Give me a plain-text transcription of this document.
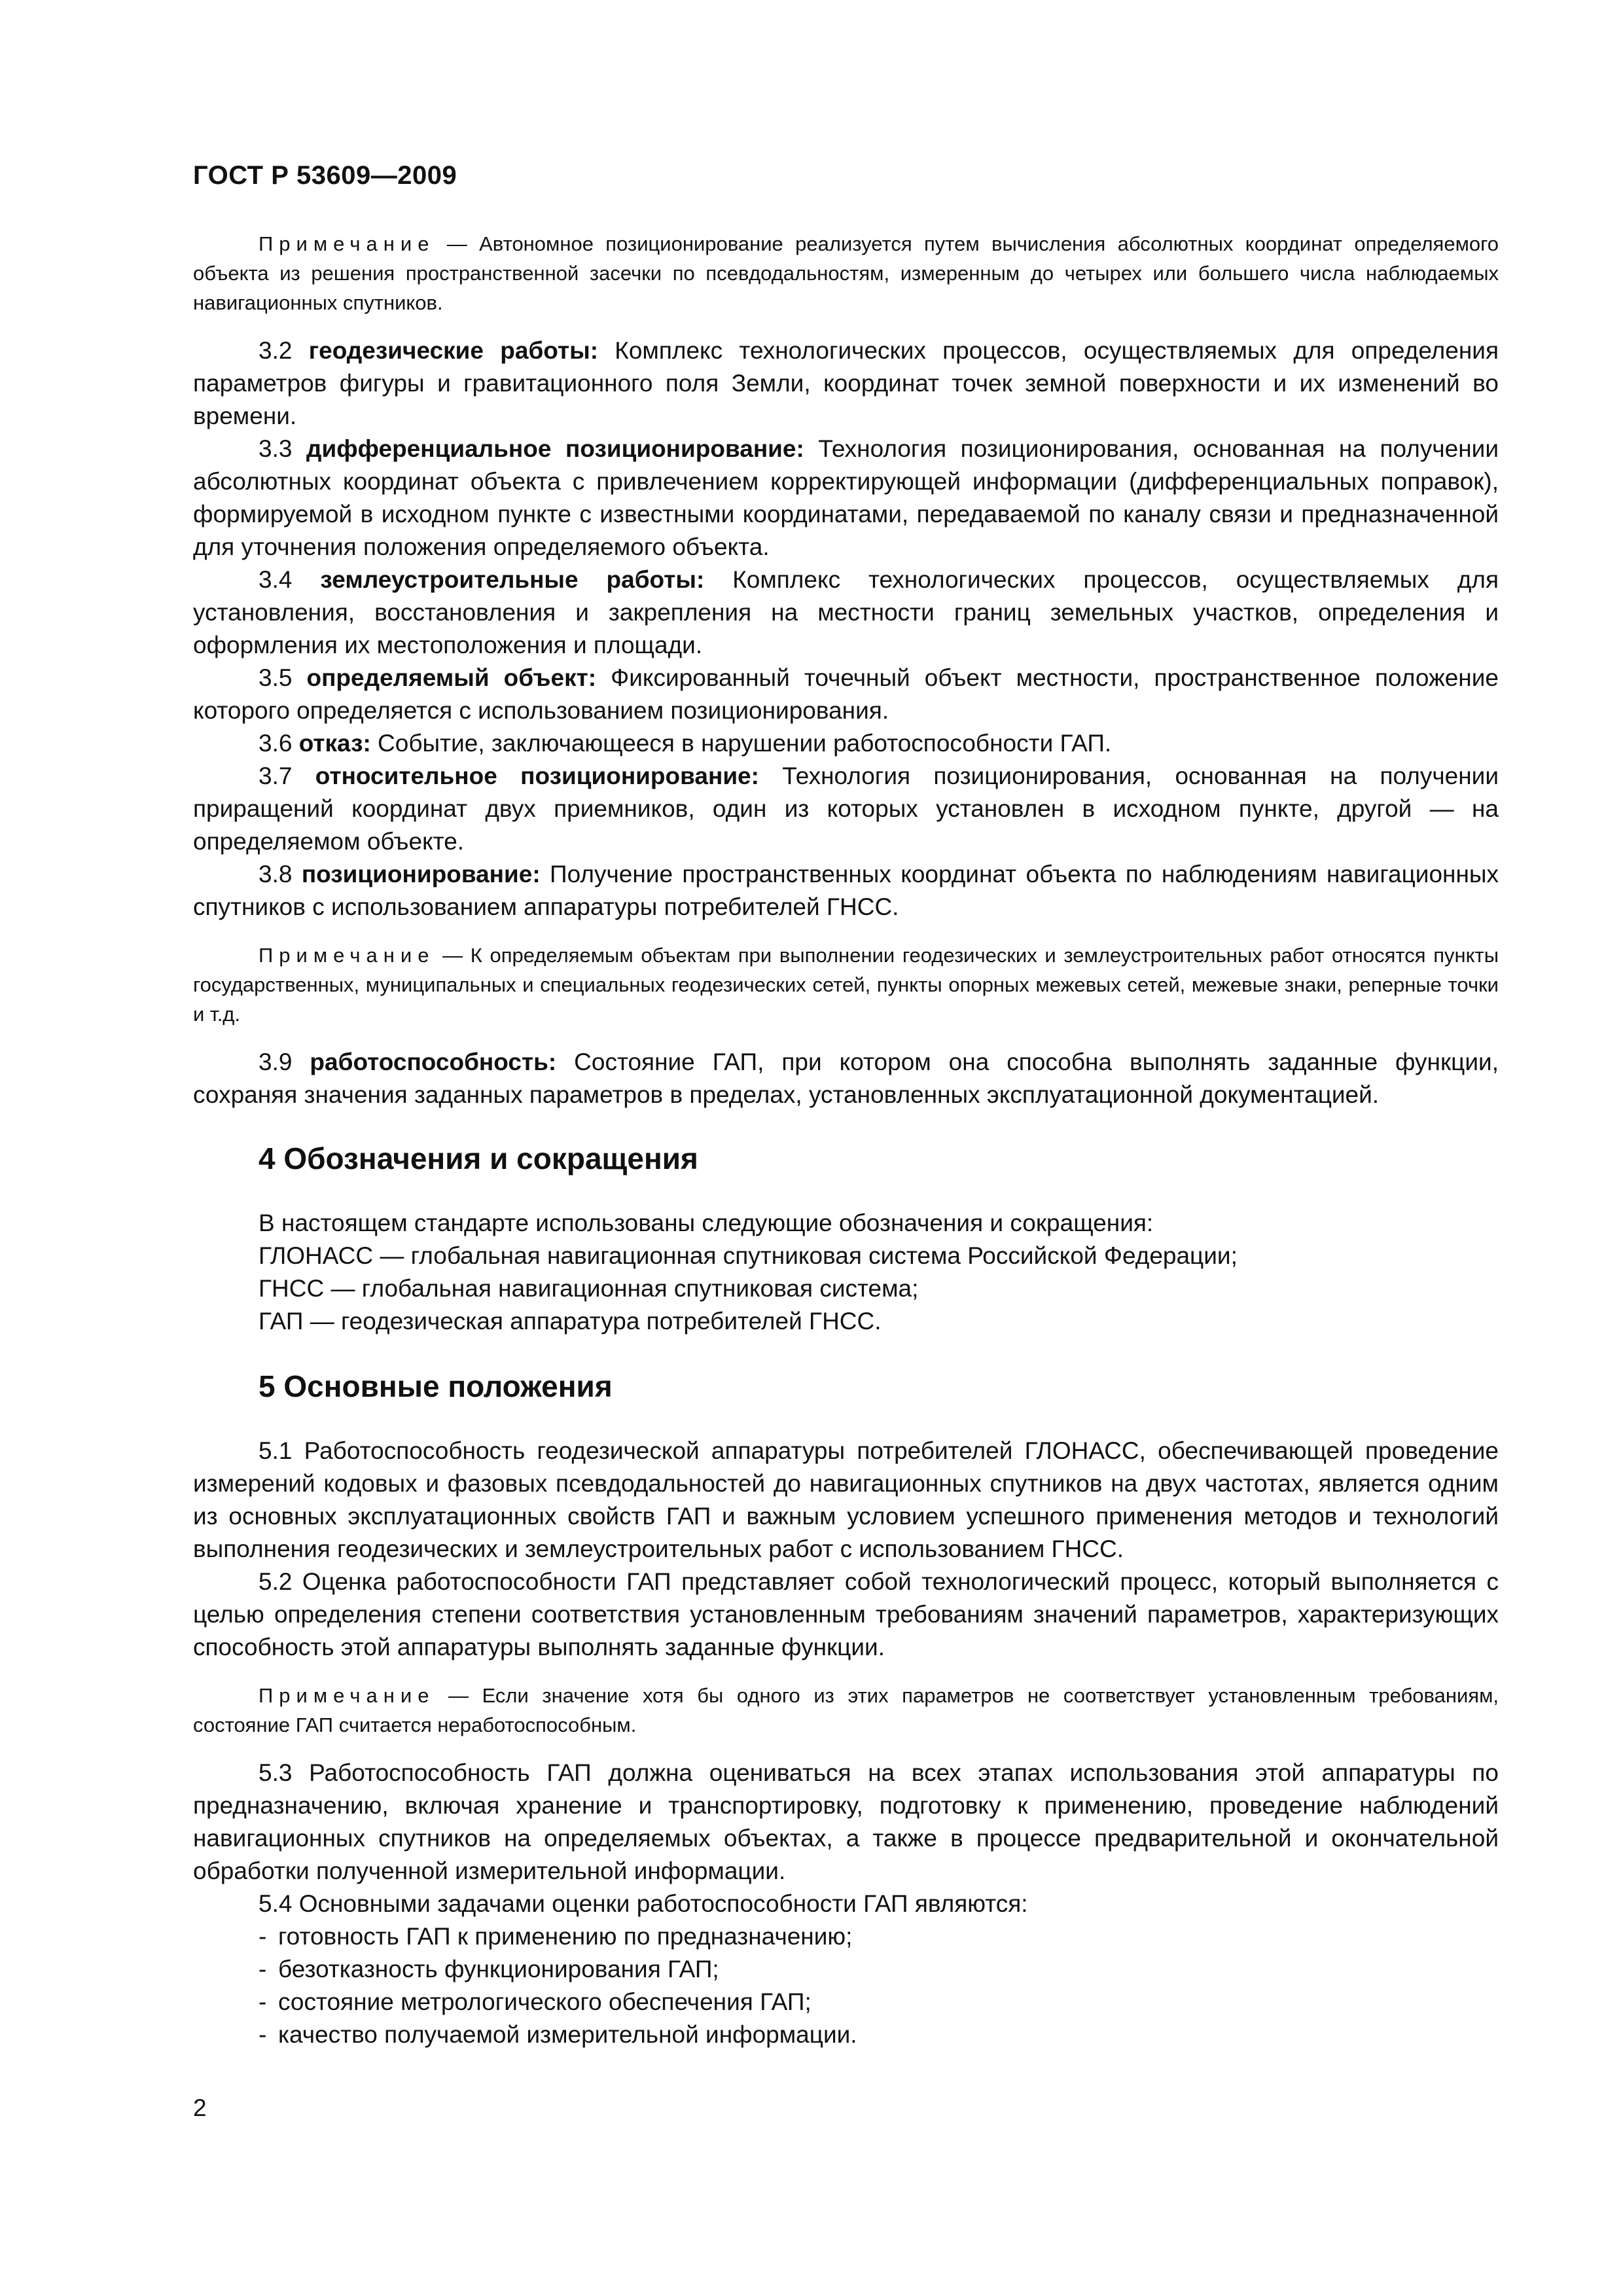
ГОСТ Р 53609—2009

Примечание — Автономное позиционирование реализуется путем вычисления абсолютных координат определяемого объекта из решения пространственной засечки по псевдодальностям, измеренным до четырех или большего числа наблюдаемых навигационных спутников.

3.2 геодезические работы: Комплекс технологических процессов, осуществляемых для определения параметров фигуры и гравитационного поля Земли, координат точек земной поверхности и их изменений во времени.

3.3 дифференциальное позиционирование: Технология позиционирования, основанная на получении абсолютных координат объекта с привлечением корректирующей информации (дифференциальных поправок), формируемой в исходном пункте с известными координатами, передаваемой по каналу связи и предназначенной для уточнения положения определяемого объекта.

3.4 землеустроительные работы: Комплекс технологических процессов, осуществляемых для установления, восстановления и закрепления на местности границ земельных участков, определения и оформления их местоположения и площади.

3.5 определяемый объект: Фиксированный точечный объект местности, пространственное положение которого определяется с использованием позиционирования.

3.6 отказ: Событие, заключающееся в нарушении работоспособности ГАП.

3.7 относительное позиционирование: Технология позиционирования, основанная на получении приращений координат двух приемников, один из которых установлен в исходном пункте, другой — на определяемом объекте.

3.8 позиционирование: Получение пространственных координат объекта по наблюдениям навигационных спутников с использованием аппаратуры потребителей ГНСС.

Примечание — К определяемым объектам при выполнении геодезических и землеустроительных работ относятся пункты государственных, муниципальных и специальных геодезических сетей, пункты опорных межевых сетей, межевые знаки, реперные точки и т.д.

3.9 работоспособность: Состояние ГАП, при котором она способна выполнять заданные функции, сохраняя значения заданных параметров в пределах, установленных эксплуатационной документацией.

4 Обозначения и сокращения

В настоящем стандарте использованы следующие обозначения и сокращения:

ГЛОНАСС — глобальная навигационная спутниковая система Российской Федерации;

ГНСС — глобальная навигационная спутниковая система;

ГАП — геодезическая аппаратура потребителей ГНСС.

5 Основные положения

5.1 Работоспособность геодезической аппаратуры потребителей ГЛОНАСС, обеспечивающей проведение измерений кодовых и фазовых псевдодальностей до навигационных спутников на двух частотах, является одним из основных эксплуатационных свойств ГАП и важным условием успешного применения методов и технологий выполнения геодезических и землеустроительных работ с использованием ГНСС.

5.2 Оценка работоспособности ГАП представляет собой технологический процесс, который выполняется с целью определения степени соответствия установленным требованиям значений параметров, характеризующих способность этой аппаратуры выполнять заданные функции.

Примечание — Если значение хотя бы одного из этих параметров не соответствует установленным требованиям, состояние ГАП считается неработоспособным.

5.3 Работоспособность ГАП должна оцениваться на всех этапах использования этой аппаратуры по предназначению, включая хранение и транспортировку, подготовку к применению, проведение наблюдений навигационных спутников на определяемых объектах, а также в процессе предварительной и окончательной обработки полученной измерительной информации.

5.4 Основными задачами оценки работоспособности ГАП являются:

- готовность ГАП к применению по предназначению;
- безотказность функционирования ГАП;
- состояние метрологического обеспечения ГАП;
- качество получаемой измерительной информации.
2
